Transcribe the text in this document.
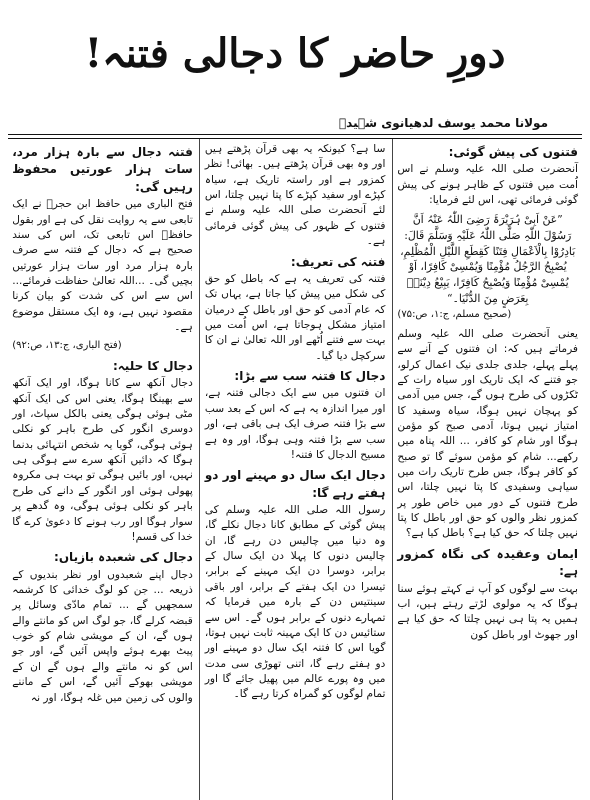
دورِ حاضر کا دجالی فتنہ!
مولانا محمد یوسف لدھیانوی شہیدؒ
فتنوں کی پیش گوئی:

آنحضرت صلی اللہ علیہ وسلم نے اس اُمت میں فتنوں کے ظاہر ہونے کی پیش گوئی فرمائی تھی، اس لئے فرمایا:

”عَنْ اَبِیْ ہُرَیْرَۃَ رَضِیَ اللّٰہُ عَنْہُ اَنَّ رَسُوْلَ اللّٰہِ صَلَّی اللّٰہُ عَلَیْہِ وَسَلَّمَ قَالَ: بَادِرُوْا بِالْاَعْمَالِ فِتَنًا کَقِطَعِ اللَّیْلِ الْمُظْلِمِ، یُصْبِحُ الرَّجُلُ مُؤْمِنًا وَیُمْسِیْ کَافِرًا، اَوْ یُمْسِیْ مُؤْمِنًا وَیُصْبِحُ کَافِرًا، یَبِیْعُ دِیْنَہٗ بِعَرَضٍ مِنَ الدُّنْیَا۔“

(صحیح مسلم، ج:۱، ص:۷۵)

یعنی آنحضرت صلی اللہ علیہ وسلم فرماتے ہیں کہ: ان فتنوں کے آنے سے پہلے پہلے، جلدی جلدی نیک اعمال کرلو، جو فتنے کہ ایک تاریک اور سیاہ رات کے ٹکڑوں کی طرح ہوں گے، جس میں آدمی کو پہچان نہیں ہوگا، سیاہ وسفید کا امتیاز نہیں ہوتا، آدمی صبح کو مؤمن ہوگا اور شام کو کافر، ... اللہ پناہ میں رکھے... شام کو مؤمن سوئے گا تو صبح کو کافر ہوگا، جس طرح تاریک رات میں سیاہی وسفیدی کا پتا نہیں چلتا، اس طرح فتنوں کے دور میں خاص طور پر کمزور نظر والوں کو حق اور باطل کا پتا نہیں چلتا کہ حق کیا ہے؟ باطل کیا ہے؟

ایمان وعقیدہ کی نگاہ کمزور ہے:

بہت سے لوگوں کو آپ نے کہتے ہوئے سنا ہوگا کہ یہ مولوی لڑتے رہتے ہیں، اب ہمیں یہ پتا ہی نہیں چلتا کہ حق کیا ہے اور جھوٹ اور باطل کون

سا ہے؟ کیونکہ یہ بھی قرآن پڑھتے ہیں اور وہ بھی قرآن پڑھتے ہیں۔ بھائی! نظر کمزور ہے اور راستہ تاریک ہے، سیاہ کپڑے اور سفید کپڑے کا پتا نہیں چلتا، اس لئے آنحضرت صلی اللہ علیہ وسلم نے فتنوں کے ظہور کی پیش گوئی فرمائی ہے۔

فتنہ کی تعریف:

فتنہ کی تعریف یہ ہے کہ باطل کو حق کی شکل میں پیش کیا جاتا ہے، یہاں تک کہ عام آدمی کو حق اور باطل کے درمیان امتیاز مشکل ہوجاتا ہے، اس اُمت میں بہت سے فتنے اُٹھے اور اللہ تعالیٰ نے ان کا سرکچل دیا گیا۔

دجال کا فتنہ سب سے بڑا:

ان فتنوں میں سے ایک دجالی فتنہ ہے، اور میرا اندازہ یہ ہے کہ اس کے بعد سب سے بڑا فتنہ صرف ایک ہی باقی ہے، اور سب سے بڑا فتنہ وہی ہوگا، اور وہ ہے مسیح الدجال کا فتنہ!

دجال ایک سال دو مہینے اور دو ہفتے رہے گا:

رسول اللہ صلی اللہ علیہ وسلم کی پیش گوئی کے مطابق کانا دجال نکلے گا، وہ دنیا میں چالیس دن رہے گا، ان چالیس دنوں کا پہلا دن ایک سال کے برابر، دوسرا دن ایک مہینے کے برابر، تیسرا دن ایک ہفتے کے برابر، اور باقی سینتیس دن کے بارہ میں فرمایا کہ تمہارے دنوں کے برابر ہوں گے۔ اس سے ستائیس دن کا ایک مہینہ ثابت نہیں ہوتا، گویا اس کا فتنہ ایک سال دو مہینے اور دو ہفتے رہے گا، اتنی تھوڑی سی مدت میں وہ پورے عالم میں پھیل جائے گا اور تمام لوگوں کو گمراہ کرتا رہے گا۔

فتنہ دجال سے بارہ ہزار مرد، سات ہزار عورتیں محفوظ رہیں گی:

فتح الباری میں حافظ ابن حجرؒ نے ایک تابعی سے یہ روایت نقل کی ہے اور بقول حافظؒ اس تابعی تک، اس کی سند صحیح ہے کہ دجال کے فتنہ سے صرف بارہ ہزار مرد اور سات ہزار عورتیں بچیں گی۔ ...اللہ تعالیٰ حفاظت فرمائے... اس سے اس کی شدت کو بیان کرنا مقصود نہیں ہے، وہ ایک مستقل موضوع ہے۔

(فتح الباری، ج:۱۳، ص:۹۲)

دجال کا حلیہ:

دجال آنکھ سے کانا ہوگا، اور ایک آنکھ سے بھینگا ہوگا، یعنی اس کی ایک آنکھ مٹی ہوئی ہوگی یعنی بالکل سپاٹ، اور دوسری انگور کی طرح باہر کو نکلی ہوئی ہوگی، گویا یہ شخص انتہائی بدنما ہوگا کہ دائیں آنکھ سرے سے ہوگی ہی نہیں، اور بائیں ہوگی تو بہت ہی مکروہ پھولی ہوئی اور انگور کے دانے کی طرح باہر کو نکلی ہوئی ہوگی، وہ گدھے پر سوار ہوگا اور رب ہونے کا دعویٰ کرے گا خدا کی قسم!

دجال کی شعبدہ بازیاں:

دجال اپنے شعبدوں اور نظر بندیوں کے ذریعہ ... جن کو لوگ خدائی کا کرشمہ سمجھیں گے ... تمام مادّی وسائل پر قبضہ کرلے گا، جو لوگ اس کو مانتے والے ہوں گے، ان کے مویشی شام کو خوب پیٹ بھرے ہوئے واپس آئیں گے، اور جو اس کو نہ مانتے والے ہوں گے ان کے مویشی بھوکے آئیں گے، اس کے ماننے والوں کی زمین میں غلہ ہوگا، اور نہ
